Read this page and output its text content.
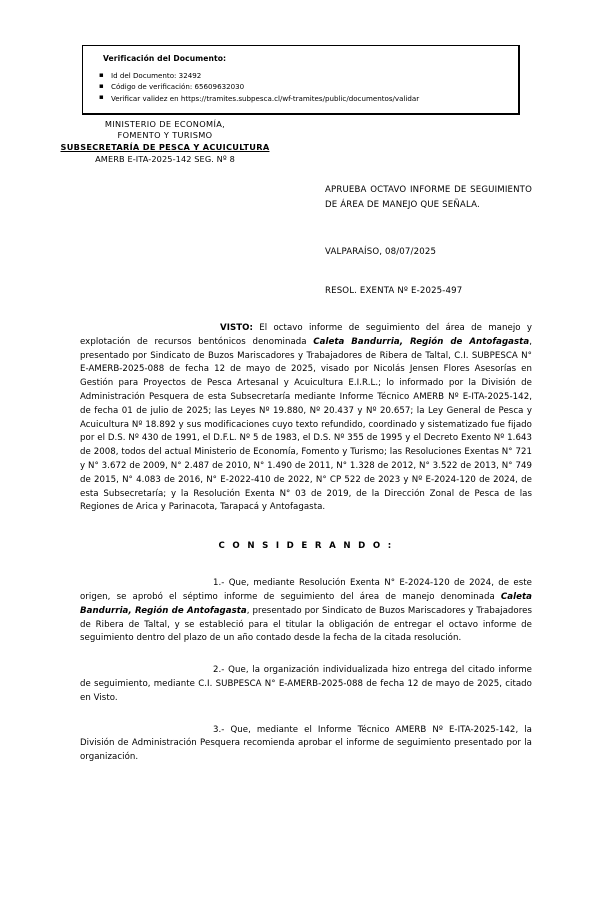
Verificación del Documento:
▪ Id del Documento: 32492
▪ Código de verificación: 65609632030
▪ Verificar validez en https://tramites.subpesca.cl/wf-tramites/public/documentos/validar
MINISTERIO DE ECONOMÍA,
FOMENTO Y TURISMO
SUBSECRETARÍA DE PESCA Y ACUICULTURA
AMERB E-ITA-2025-142 SEG. Nº 8
APRUEBA OCTAVO INFORME DE SEGUIMIENTO DE ÁREA DE MANEJO QUE SEÑALA.
VALPARAÍSO, 08/07/2025
RESOL. EXENTA Nº E-2025-497

VISTO: El octavo informe de seguimiento del área de manejo y explotación de recursos bentónicos denominada Caleta Bandurria, Región de Antofagasta, presentado por Sindicato de Buzos Mariscadores y Trabajadores de Ribera de Taltal, C.I. SUBPESCA N° E-AMERB-2025-088 de fecha 12 de mayo de 2025, visado por Nicolás Jensen Flores Asesorías en Gestión para Proyectos de Pesca Artesanal y Acuicultura E.I.R.L.; lo informado por la División de Administración Pesquera de esta Subsecretaría mediante Informe Técnico AMERB Nº E-ITA-2025-142, de fecha 01 de julio de 2025; las Leyes Nº 19.880, Nº 20.437 y Nº 20.657; la Ley General de Pesca y Acuicultura Nº 18.892 y sus modificaciones cuyo texto refundido, coordinado y sistematizado fue fijado por el D.S. Nº 430 de 1991, el D.F.L. Nº 5 de 1983, el D.S. Nº 355 de 1995 y el Decreto Exento Nº 1.643 de 2008, todos del actual Ministerio de Economía, Fomento y Turismo; las Resoluciones Exentas N° 721 y N° 3.672 de 2009, N° 2.487 de 2010, N° 1.490 de 2011, N° 1.328 de 2012, N° 3.522 de 2013, N° 749 de 2015, N° 4.083 de 2016, N° E-2022-410 de 2022, N° CP 522 de 2023 y Nº E-2024-120 de 2024, de esta Subsecretaría; y la Resolución Exenta N° 03 de 2019, de la Dirección Zonal de Pesca de las Regiones de Arica y Parinacota, Tarapacá y Antofagasta.

C O N S I D E R A N D O :

1.- Que, mediante Resolución Exenta N° E-2024-120 de 2024, de este origen, se aprobó el séptimo informe de seguimiento del área de manejo denominada Caleta Bandurria, Región de Antofagasta, presentado por Sindicato de Buzos Mariscadores y Trabajadores de Ribera de Taltal, y se estableció para el titular la obligación de entregar el octavo informe de seguimiento dentro del plazo de un año contado desde la fecha de la citada resolución.

2.- Que, la organización individualizada hizo entrega del citado informe de seguimiento, mediante C.I. SUBPESCA N° E-AMERB-2025-088 de fecha 12 de mayo de 2025, citado en Visto.

3.- Que, mediante el Informe Técnico AMERB Nº E-ITA-2025-142, la División de Administración Pesquera recomienda aprobar el informe de seguimiento presentado por la organización.
